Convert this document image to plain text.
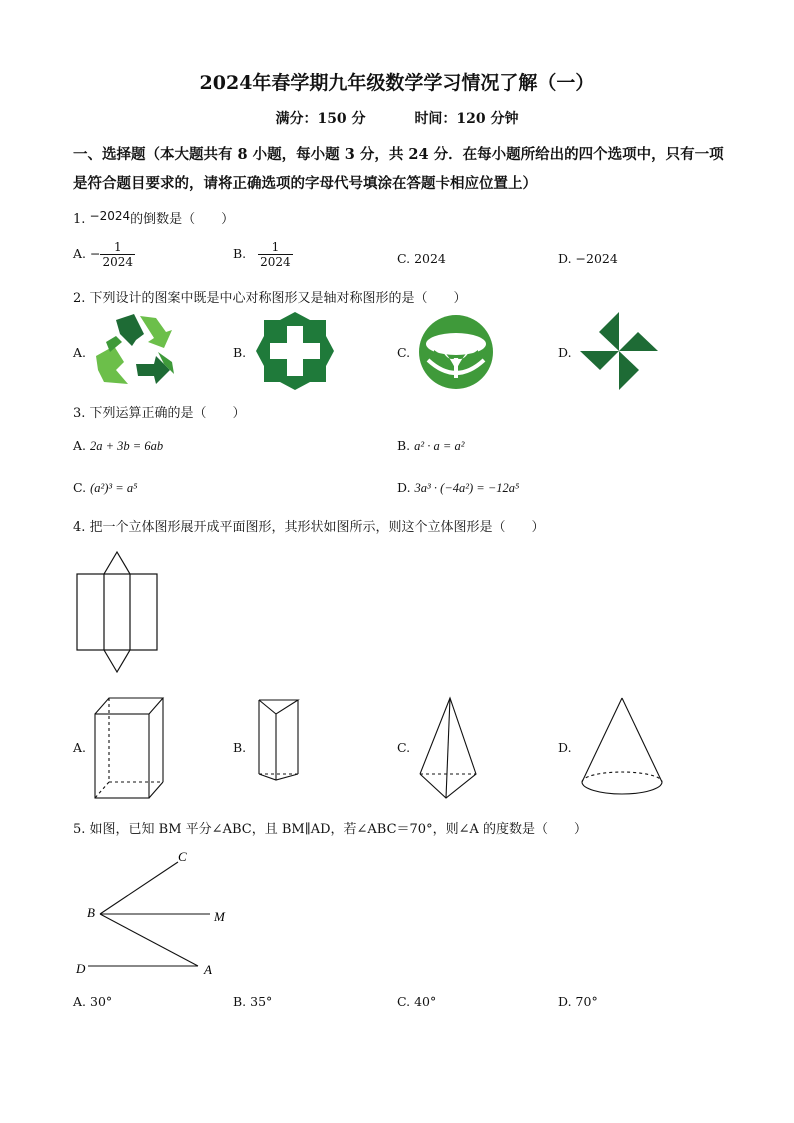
2024年春学期九年级数学学习情况了解（一）
满分：150 分	时间：120 分钟
一、选择题（本大题共有 8 小题，每小题 3 分，共 24 分．在每小题所给出的四个选项中，只有一项是符合题目要求的，请将正确选项的字母代号填涂在答题卡相应位置上）
1. −2024的倒数是（　　）
A. − $\frac{1}{2024}$	B. $\frac{1}{2024}$	C. 2024	D. −2024
2. 下列设计的图案中既是中心对称图形又是轴对称图形的是（　　）
A.	B.	C.	D.
3. 下列运算正确的是（　　）
A. 2a + 3b = 6ab	B. a² · a = a²
C. (a²)³ = a⁵	D. 3a³ · (−4a²) = −12a⁵
4. 把一个立体图形展开成平面图形，其形状如图所示，则这个立体图形是（　　）
A.	B.	C.	D.
5. 如图，已知 BM 平分∠ABC，且 BM∥AD，若∠ABC＝70°，则∠A 的度数是（　　）
C
B	M
D	A
A. 30°	B. 35°	C. 40°	D. 70°
